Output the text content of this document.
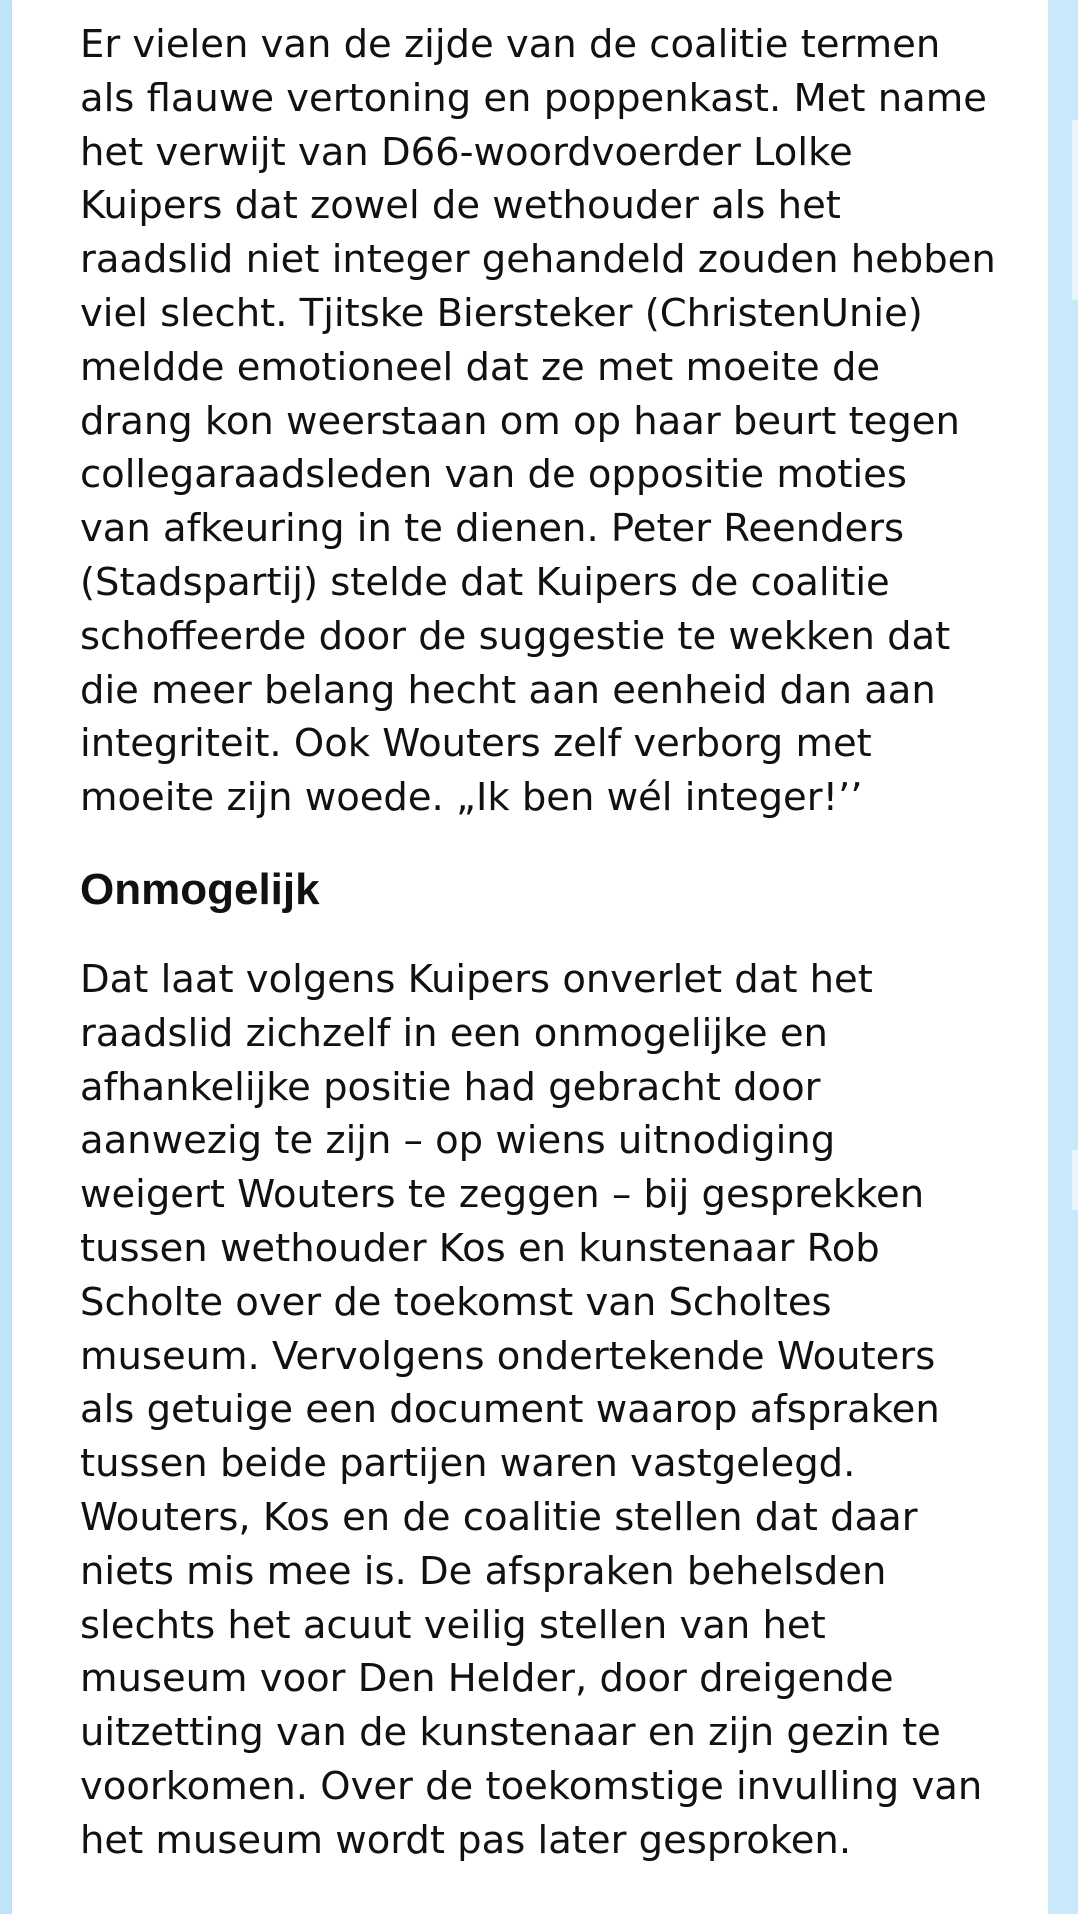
Er vielen van de zijde van de coalitie termen
als flauwe vertoning en poppenkast. Met name
het verwijt van D66-woordvoerder Lolke
Kuipers dat zowel de wethouder als het
raadslid niet integer gehandeld zouden hebben
viel slecht. Tjitske Biersteker (ChristenUnie)
meldde emotioneel dat ze met moeite de
drang kon weerstaan om op haar beurt tegen
collegaraadsleden van de oppositie moties
van afkeuring in te dienen. Peter Reenders
(Stadspartij) stelde dat Kuipers de coalitie
schoffeerde door de suggestie te wekken dat
die meer belang hecht aan eenheid dan aan
integriteit. Ook Wouters zelf verborg met
moeite zijn woede. „Ik ben wél integer!’’

Onmogelijk

Dat laat volgens Kuipers onverlet dat het
raadslid zichzelf in een onmogelijke en
afhankelijke positie had gebracht door
aanwezig te zijn – op wiens uitnodiging
weigert Wouters te zeggen – bij gesprekken
tussen wethouder Kos en kunstenaar Rob
Scholte over de toekomst van Scholtes
museum. Vervolgens ondertekende Wouters
als getuige een document waarop afspraken
tussen beide partijen waren vastgelegd.
Wouters, Kos en de coalitie stellen dat daar
niets mis mee is. De afspraken behelsden
slechts het acuut veilig stellen van het
museum voor Den Helder, door dreigende
uitzetting van de kunstenaar en zijn gezin te
voorkomen. Over de toekomstige invulling van
het museum wordt pas later gesproken.
